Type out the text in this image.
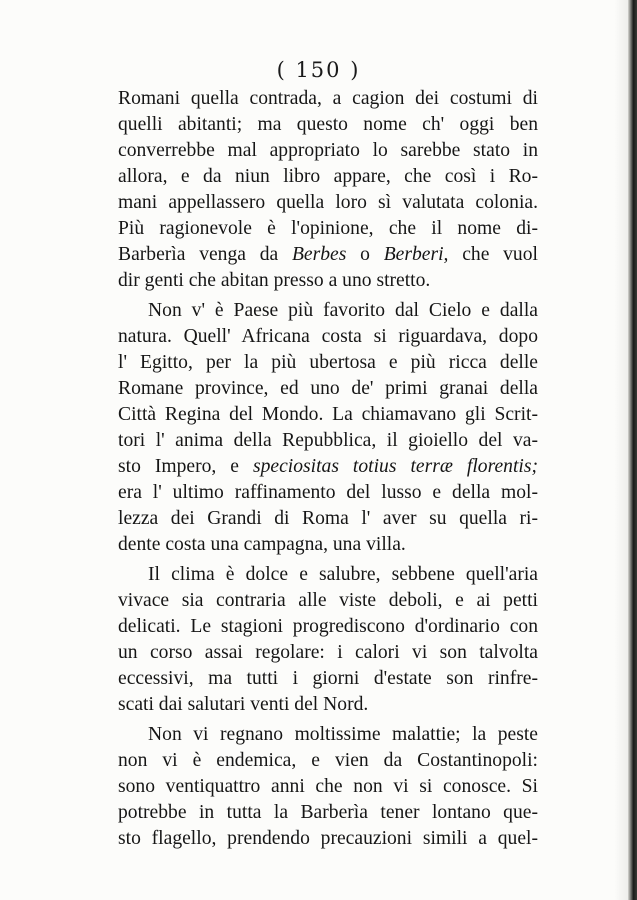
( 150 )
Romani quella contrada, a cagion dei costumi di
quelli abitanti; ma questo nome ch' oggi ben
converrebbe mal appropriato lo sarebbe stato in
allora, e da niun libro appare, che così i Ro-
mani appellassero quella loro sì valutata colonia.
Più ragionevole è l'opinione, che il nome di-
Barberìa venga da Berbes o Berberi, che vuol
dir genti che abitan presso a uno stretto.
Non v' è Paese più favorito dal Cielo e dalla
natura. Quell' Africana costa si riguardava, dopo
l' Egitto, per la più ubertosa e più ricca delle
Romane province, ed uno de' primi granai della
Città Regina del Mondo. La chiamavano gli Scrit-
tori l' anima della Repubblica, il gioiello del va-
sto Impero, e speciositas totius terræ florentis;
era l' ultimo raffinamento del lusso e della mol-
lezza dei Grandi di Roma l' aver su quella ri-
dente costa una campagna, una villa.
Il clima è dolce e salubre, sebbene quell'aria
vivace sia contraria alle viste deboli, e ai petti
delicati. Le stagioni progrediscono d'ordinario con
un corso assai regolare: i calori vi son talvolta
eccessivi, ma tutti i giorni d'estate son rinfre-
scati dai salutari venti del Nord.
Non vi regnano moltissime malattie; la peste
non vi è endemica, e vien da Costantinopoli:
sono ventiquattro anni che non vi si conosce. Si
potrebbe in tutta la Barberìa tener lontano que-
sto flagello, prendendo precauzioni simili a quel-
